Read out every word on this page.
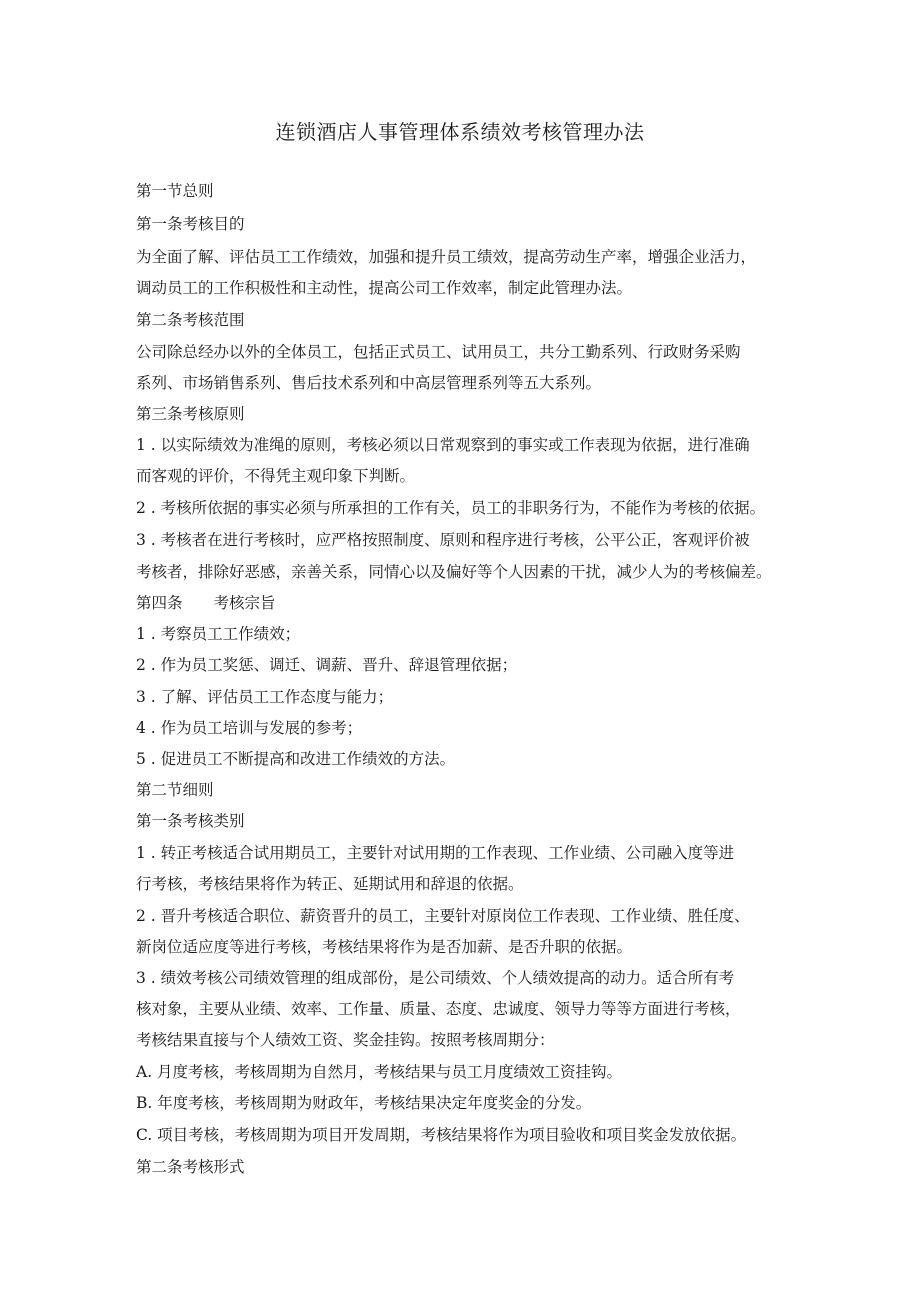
连锁酒店人事管理体系绩效考核管理办法
第一节总则
第一条考核目的
为全面了解、评估员工工作绩效，加强和提升员工绩效，提高劳动生产率，增强企业活力，
调动员工的工作积极性和主动性，提高公司工作效率，制定此管理办法。
第二条考核范围
公司除总经办以外的全体员工，包括正式员工、试用员工，共分工勤系列、行政财务采购
系列、市场销售系列、售后技术系列和中高层管理系列等五大系列。
第三条考核原则
1 . 以实际绩效为准绳的原则，考核必须以日常观察到的事实或工作表现为依据，进行准确
而客观的评价，不得凭主观印象下判断。
2 . 考核所依据的事实必须与所承担的工作有关，员工的非职务行为，不能作为考核的依据。
3 . 考核者在进行考核时，应严格按照制度、原则和程序进行考核，公平公正，客观评价被
考核者，排除好恶感，亲善关系，同情心以及偏好等个人因素的干扰，减少人为的考核偏差。
第四条　　考核宗旨
1 . 考察员工工作绩效；
2 . 作为员工奖惩、调迁、调薪、晋升、辞退管理依据；
3 . 了解、评估员工工作态度与能力；
4 . 作为员工培训与发展的参考；
5 . 促进员工不断提高和改进工作绩效的方法。
第二节细则
第一条考核类别
1 . 转正考核适合试用期员工，主要针对试用期的工作表现、工作业绩、公司融入度等进
行考核，考核结果将作为转正、延期试用和辞退的依据。
2 . 晋升考核适合职位、薪资晋升的员工，主要针对原岗位工作表现、工作业绩、胜任度、
新岗位适应度等进行考核，考核结果将作为是否加薪、是否升职的依据。
3 . 绩效考核公司绩效管理的组成部份，是公司绩效、个人绩效提高的动力。适合所有考
核对象，主要从业绩、效率、工作量、质量、态度、忠诚度、领导力等等方面进行考核，
考核结果直接与个人绩效工资、奖金挂钩。按照考核周期分：
A. 月度考核，考核周期为自然月，考核结果与员工月度绩效工资挂钩。
B. 年度考核，考核周期为财政年，考核结果决定年度奖金的分发。
C. 项目考核，考核周期为项目开发周期，考核结果将作为项目验收和项目奖金发放依据。
第二条考核形式
